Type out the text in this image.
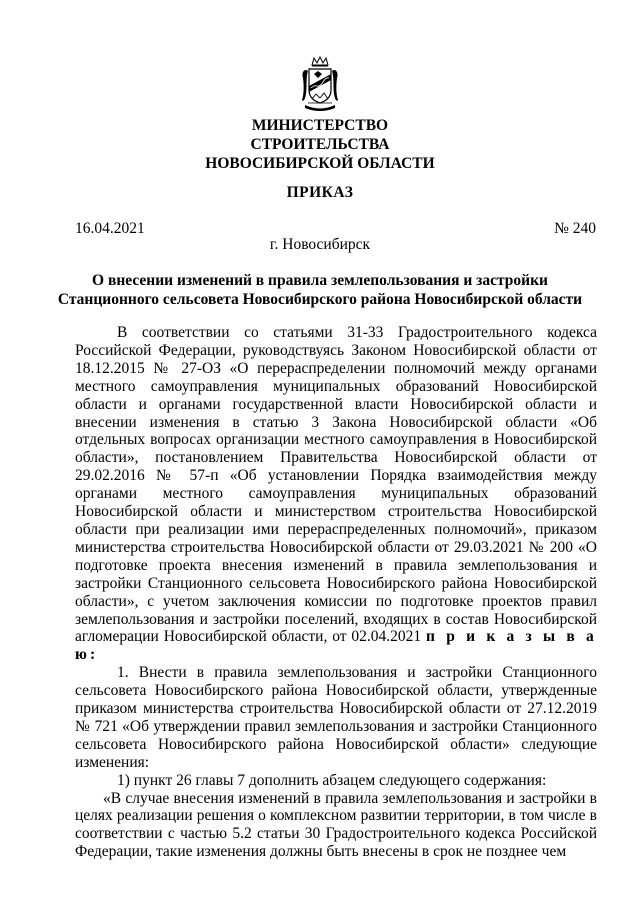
МИНИСТЕРСТВО
СТРОИТЕЛЬСТВА
НОВОСИБИРСКОЙ ОБЛАСТИ
ПРИКАЗ
16.04.2021	№ 240
г. Новосибирск
О внесении изменений в правила землепользования и застройки
Станционного сельсовета Новосибирского района Новосибирской области

В соответствии со статьями 31-33 Градостроительного кодекса Российской Федерации, руководствуясь Законом Новосибирской области от 18.12.2015 № 27-ОЗ «О перераспределении полномочий между органами местного самоуправления муниципальных образований Новосибирской области и органами государственной власти Новосибирской области и внесении изменения в статью 3 Закона Новосибирской области «Об отдельных вопросах организации местного самоуправления в Новосибирской области», постановлением Правительства Новосибирской области от 29.02.2016 № 57-п «Об установлении Порядка взаимодействия между органами местного самоуправления муниципальных образований Новосибирской области и министерством строительства Новосибирской области при реализации ими перераспределенных полномочий», приказом министерства строительства Новосибирской области от 29.03.2021 № 200 «О подготовке проекта внесения изменений в правила землепользования и застройки Станционного сельсовета Новосибирского района Новосибирской области», с учетом заключения комиссии по подготовке проектов правил землепользования и застройки поселений, входящих в состав Новосибирской агломерации Новосибирской области, от 02.04.2021 п р и к а з ы в а ю:

1. Внести в правила землепользования и застройки Станционного сельсовета Новосибирского района Новосибирской области, утвержденные приказом министерства строительства Новосибирской области от 27.12.2019 № 721 «Об утверждении правил землепользования и застройки Станционного сельсовета Новосибирского района Новосибирской области» следующие изменения:

1) пункт 26 главы 7 дополнить абзацем следующего содержания:

«В случае внесения изменений в правила землепользования и застройки в целях реализации решения о комплексном развитии территории, в том числе в соответствии с частью 5.2 статьи 30 Градостроительного кодекса Российской Федерации, такие изменения должны быть внесены в срок не позднее чем
